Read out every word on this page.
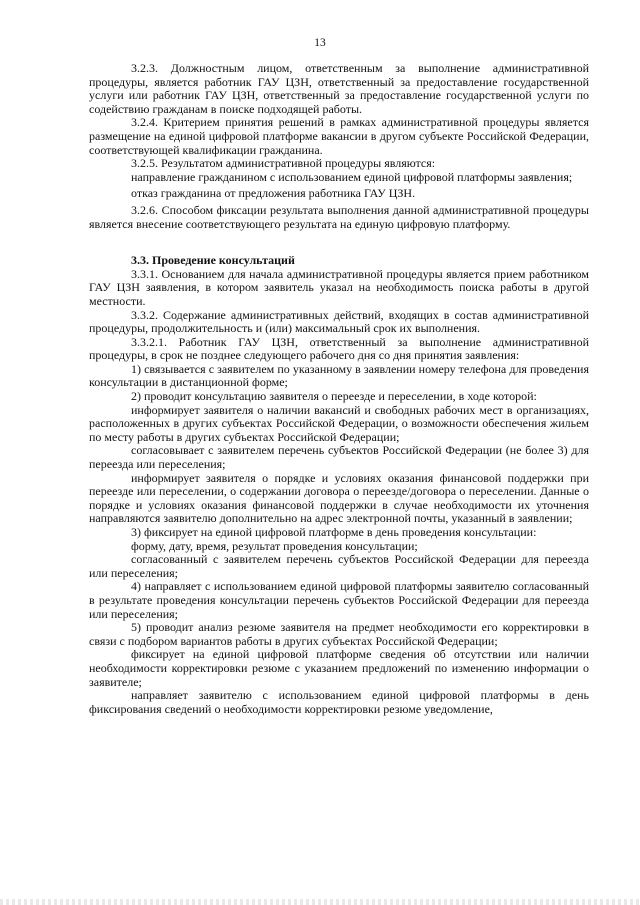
13

3.2.3. Должностным лицом, ответственным за выполнение административной процедуры, является работник ГАУ ЦЗН, ответственный за предоставление государственной услуги или работник ГАУ ЦЗН, ответственный за предоставление государственной услуги по содействию гражданам в поиске подходящей работы.

3.2.4. Критерием принятия решений в рамках административной процедуры является размещение на единой цифровой платформе вакансии в другом субъекте Российской Федерации, соответствующей квалификации гражданина.

3.2.5. Результатом административной процедуры являются:

направление гражданином с использованием единой цифровой платформы заявления;

отказ гражданина от предложения работника ГАУ ЦЗН.

3.2.6. Способом фиксации результата выполнения данной административной процедуры является внесение соответствующего результата на единую цифровую платформу.

3.3. Проведение консультаций

3.3.1. Основанием для начала административной процедуры является прием работником ГАУ ЦЗН заявления, в котором заявитель указал на необходимость поиска работы в другой местности.

3.3.2. Содержание административных действий, входящих в состав административной процедуры, продолжительность и (или) максимальный срок их выполнения.

3.3.2.1. Работник ГАУ ЦЗН, ответственный за выполнение административной процедуры, в срок не позднее следующего рабочего дня со дня принятия заявления:

1) связывается с заявителем по указанному в заявлении номеру телефона для проведения консультации в дистанционной форме;

2) проводит консультацию заявителя о переезде и переселении, в ходе которой:

информирует заявителя о наличии вакансий и свободных рабочих мест в организациях, расположенных в других субъектах Российской Федерации, о возможности обеспечения жильем по месту работы в других субъектах Российской Федерации;

согласовывает с заявителем перечень субъектов Российской Федерации (не более 3) для переезда или переселения;

информирует заявителя о порядке и условиях оказания финансовой поддержки при переезде или переселении, о содержании договора о переезде/договора о переселении. Данные о порядке и условиях оказания финансовой поддержки в случае необходимости их уточнения направляются заявителю дополнительно на адрес электронной почты, указанный в заявлении;

3) фиксирует на единой цифровой платформе в день проведения консультации:

форму, дату, время, результат проведения консультации;

согласованный с заявителем перечень субъектов Российской Федерации для переезда или переселения;

4) направляет с использованием единой цифровой платформы заявителю согласованный в результате проведения консультации перечень субъектов Российской Федерации для переезда или переселения;

5) проводит анализ резюме заявителя на предмет необходимости его корректировки в связи с подбором вариантов работы в других субъектах Российской Федерации;

фиксирует на единой цифровой платформе сведения об отсутствии или наличии необходимости корректировки резюме с указанием предложений по изменению информации о заявителе;

направляет заявителю с использованием единой цифровой платформы в день фиксирования сведений о необходимости корректировки резюме уведомление,
